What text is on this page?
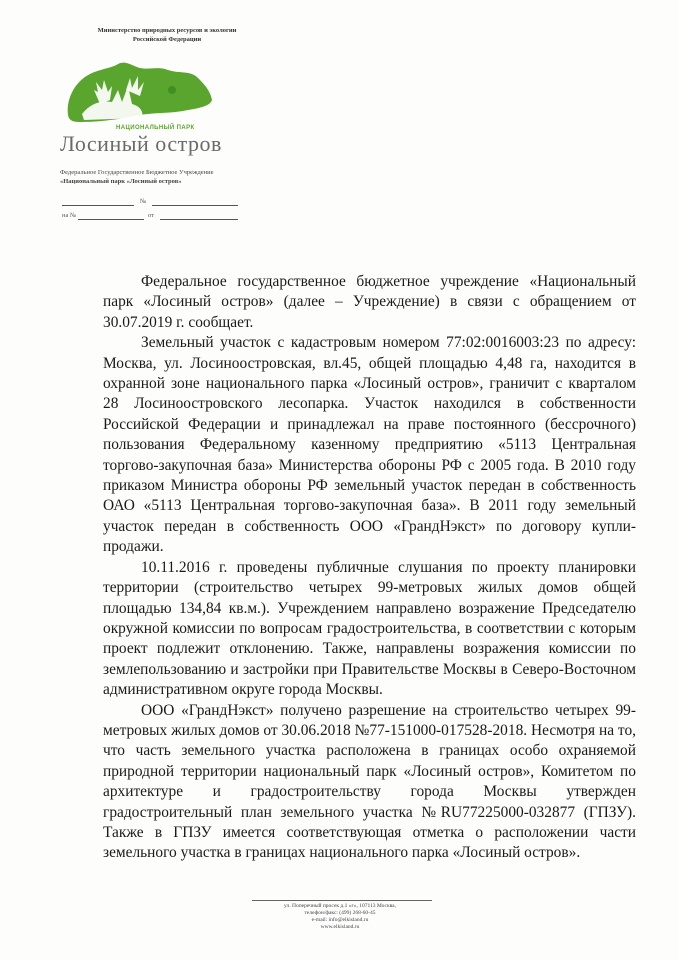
Министерство природных ресурсов и экологии
Российской Федерации
НАЦИОНАЛЬНЫЙ ПАРК
Лосиный остров
Федеральное Государственное Бюджетное Учреждение
«Национальный парк «Лосиный остров»
№
на №	от

Федеральное государственное бюджетное учреждение «Национальный парк «Лосиный остров» (далее – Учреждение) в связи с обращением от 30.07.2019 г. сообщает.

Земельный участок с кадастровым номером 77:02:0016003:23 по адресу: Москва, ул. Лосиноостровская, вл.45, общей площадью 4,48 га, находится в охранной зоне национального парка «Лосиный остров», граничит с кварталом 28 Лосиноостровского лесопарка. Участок находился в собственности Российской Федерации и принадлежал на праве постоянного (бессрочного) пользования Федеральному казенному предприятию «5113 Центральная торгово-закупочная база» Министерства обороны РФ с 2005 года. В 2010 году приказом Министра обороны РФ земельный участок передан в собственность ОАО «5113 Центральная торгово-закупочная база». В 2011 году земельный участок передан в собственность ООО «ГрандНэкст» по договору купли-продажи.

10.11.2016 г. проведены публичные слушания по проекту планировки территории (строительство четырех 99-метровых жилых домов общей площадью 134,84 кв.м.). Учреждением направлено возражение Председателю окружной комиссии по вопросам градостроительства, в соответствии с которым проект подлежит отклонению. Также, направлены возражения комиссии по землепользованию и застройки при Правительстве Москвы в Северо-Восточном административном округе города Москвы.

ООО «ГрандНэкст» получено разрешение на строительство четырех 99-метровых жилых домов от 30.06.2018 №77-151000-017528-2018. Несмотря на то, что часть земельного участка расположена в границах особо охраняемой природной территории национальный парк «Лосиный остров», Комитетом по архитектуре и градостроительству города Москвы утвержден градостроительный план земельного участка №RU77225000-032877 (ГПЗУ). Также в ГПЗУ имеется соответствующая отметка о расположении части земельного участка в границах национального парка «Лосиный остров».

ул. Поперечный просек д.1 «г», 107113 Москва,
телефон/факс: (499) 268-60-45
e-mail: info@elkisland.ru
www.elkisland.ru
